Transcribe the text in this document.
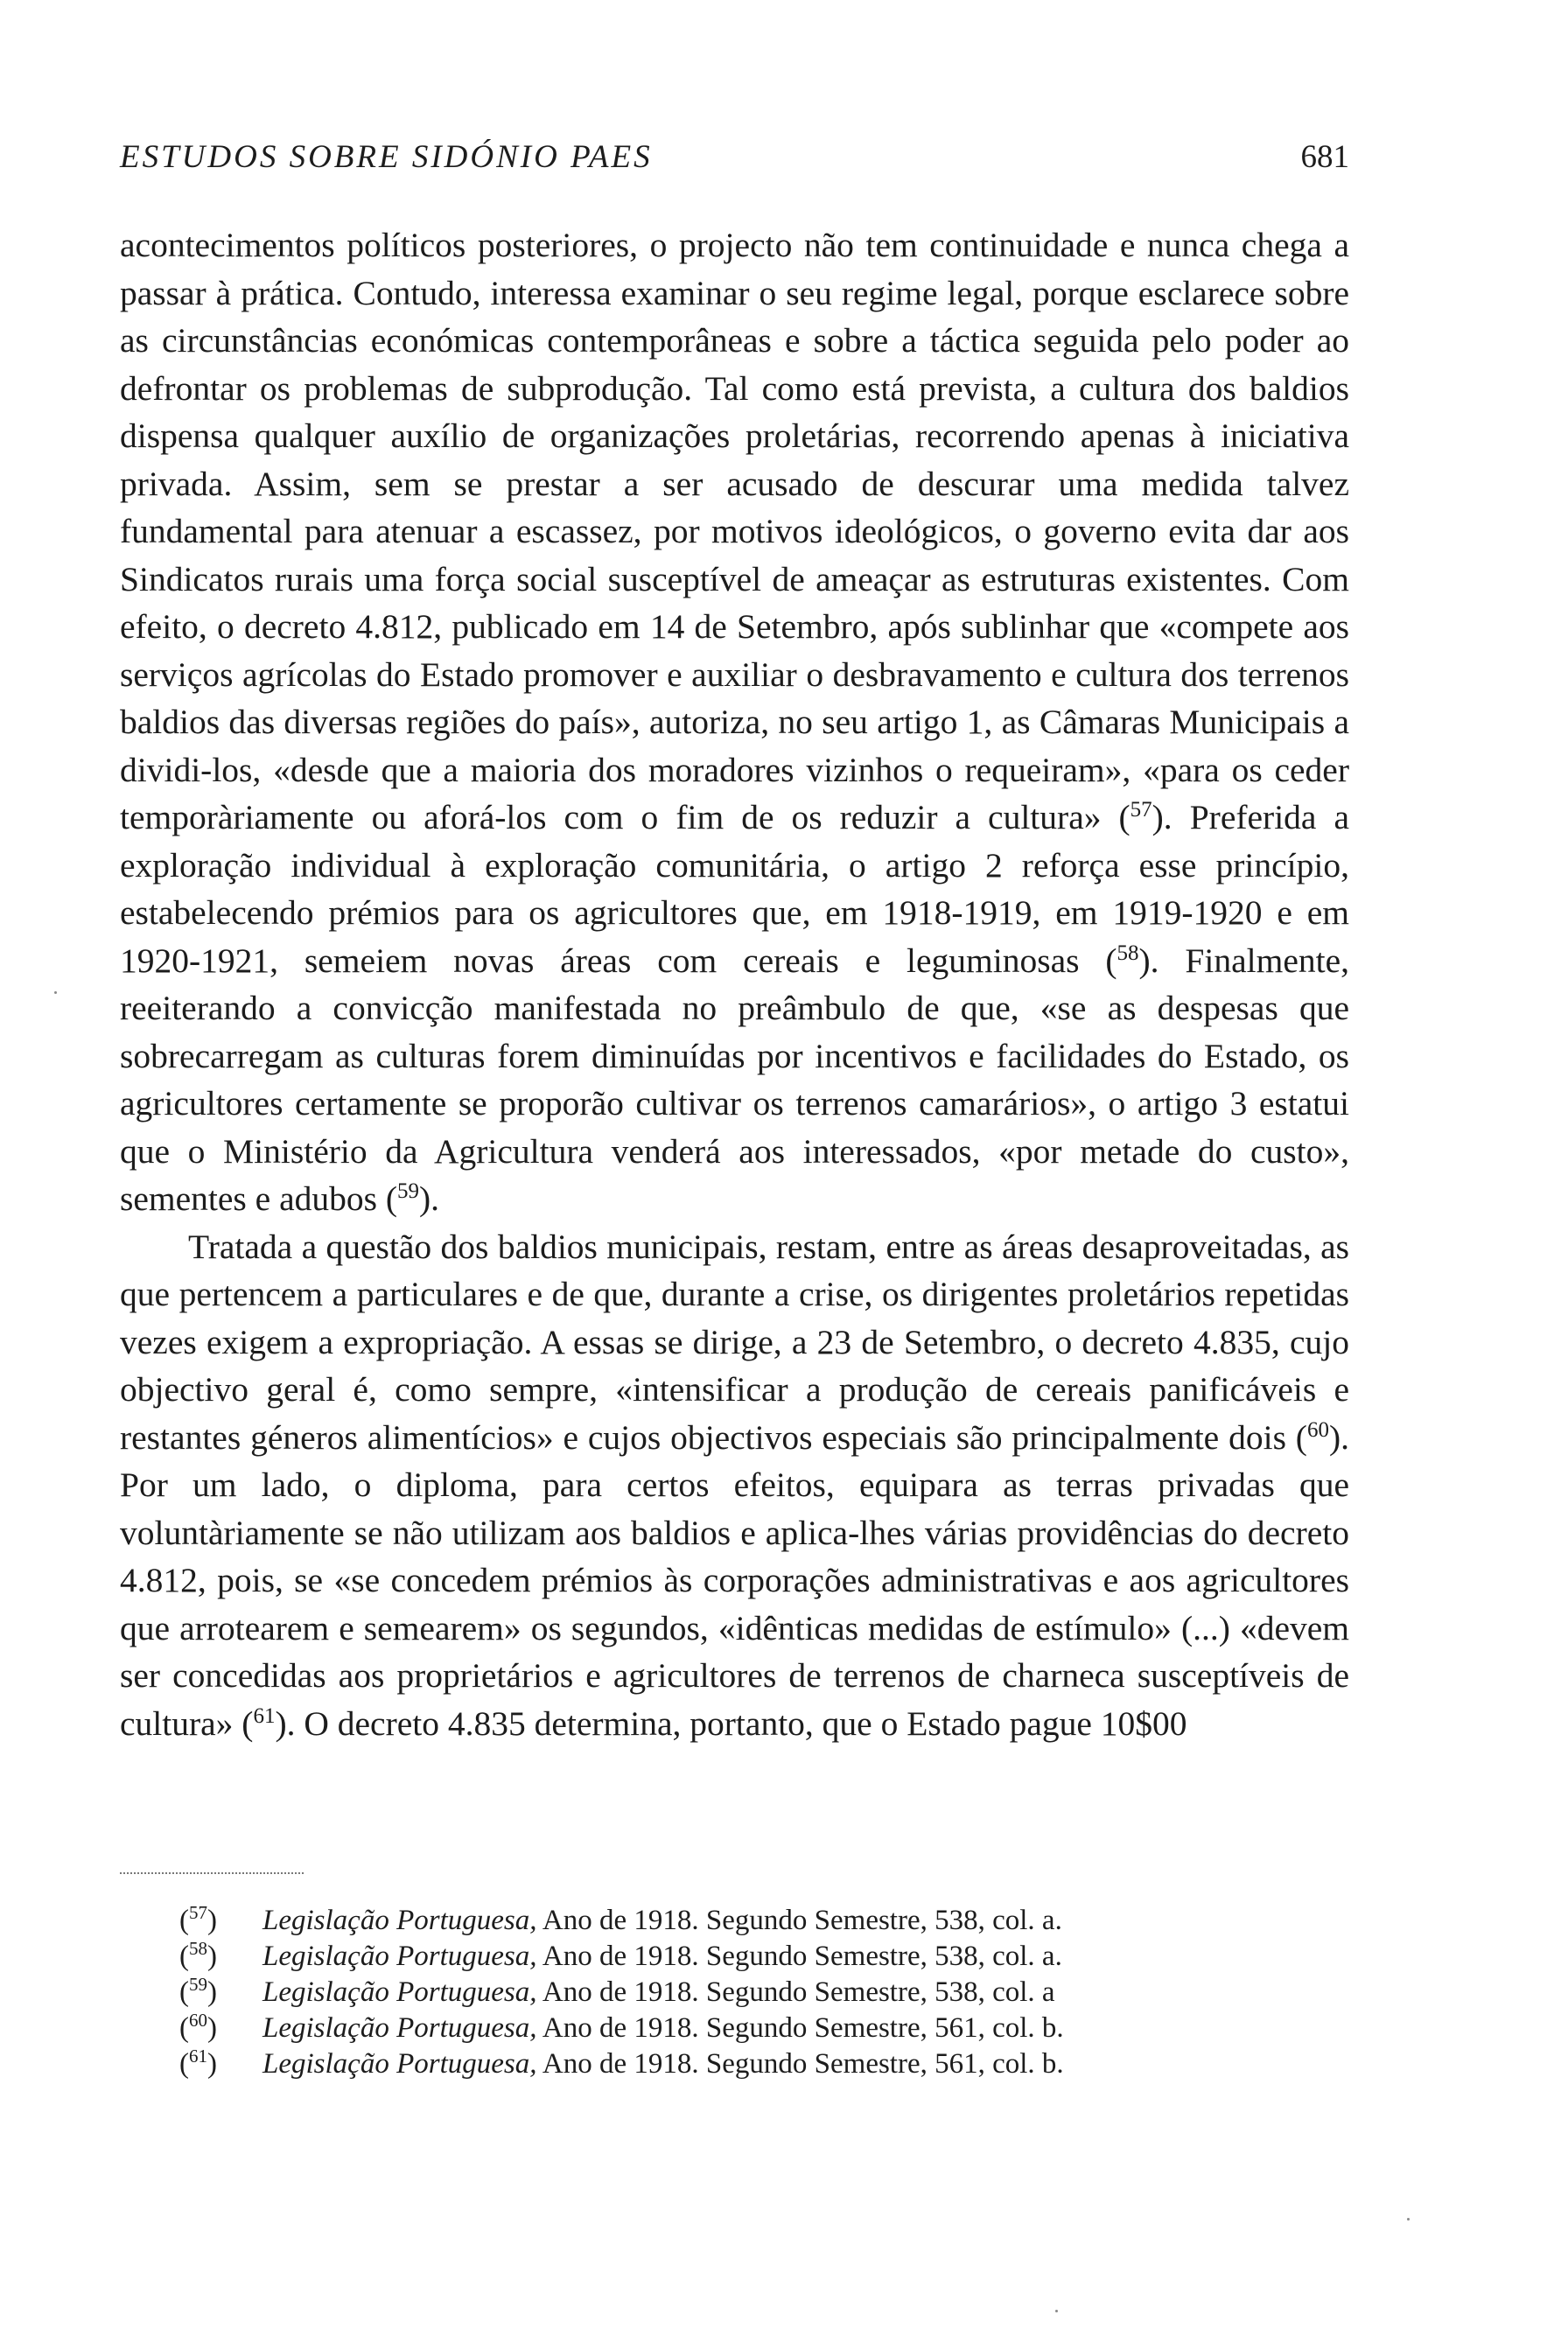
ESTUDOS SOBRE SIDÓNIO PAES	681

acontecimentos políticos posteriores, o projecto não tem continuidade e nunca chega a passar à prática. Contudo, interessa examinar o seu regime legal, porque esclarece sobre as circunstâncias económicas contemporâneas e sobre a táctica seguida pelo poder ao defrontar os problemas de subprodução. Tal como está prevista, a cultura dos baldios dispensa qualquer auxílio de organizações proletárias, recorrendo apenas à iniciativa privada. Assim, sem se prestar a ser acusado de descurar uma medida talvez fundamental para atenuar a escassez, por motivos ideológicos, o governo evita dar aos Sindicatos rurais uma força social susceptível de ameaçar as estruturas existentes. Com efeito, o decreto 4.812, publicado em 14 de Setembro, após sublinhar que «compete aos serviços agrícolas do Estado promover e auxiliar o desbravamento e cultura dos terrenos baldios das diversas regiões do país», autoriza, no seu artigo 1, as Câmaras Municipais a dividi-los, «desde que a maioria dos moradores vizinhos o requeiram», «para os ceder temporàriamente ou aforá-los com o fim de os reduzir a cultura» ($^{57}$). Preferida a exploração individual à exploração comunitária, o artigo 2 reforça esse princípio, estabelecendo prémios para os agricultores que, em 1918-1919, em 1919-1920 e em 1920-1921, semeiem novas áreas com cereais e leguminosas ($^{58}$). Finalmente, reeiterando a convicção manifestada no preâmbulo de que, «se as despesas que sobrecarregam as culturas forem diminuídas por incentivos e facilidades do Estado, os agricultores certamente se proporão cultivar os terrenos camarários», o artigo 3 estatui que o Ministério da Agricultura venderá aos interessados, «por metade do custo», sementes e adubos ($^{59}$).

Tratada a questão dos baldios municipais, restam, entre as áreas desaproveitadas, as que pertencem a particulares e de que, durante a crise, os dirigentes proletários repetidas vezes exigem a expropriação. A essas se dirige, a 23 de Setembro, o decreto 4.835, cujo objectivo geral é, como sempre, «intensificar a produção de cereais panificáveis e restantes géneros alimentícios» e cujos objectivos especiais são principalmente dois ($^{60}$). Por um lado, o diploma, para certos efeitos, equipara as terras privadas que voluntàriamente se não utilizam aos baldios e aplica-lhes várias providências do decreto 4.812, pois, se «se concedem prémios às corporações administrativas e aos agricultores que arrotearem e semearem» os segundos, «idênticas medidas de estímulo» (...) «devem ser concedidas aos proprietários e agricultores de terrenos de charneca susceptíveis de cultura» ($^{61}$). O decreto 4.835 determina, portanto, que o Estado pague 10$00

($^{57}$) Legislação Portuguesa, Ano de 1918. Segundo Semestre, 538, col. a.
($^{58}$) Legislação Portuguesa, Ano de 1918. Segundo Semestre, 538, col. a.
($^{59}$) Legislação Portuguesa, Ano de 1918. Segundo Semestre, 538, col. a
($^{60}$) Legislação Portuguesa, Ano de 1918. Segundo Semestre, 561, col. b.
($^{61}$) Legislação Portuguesa, Ano de 1918. Segundo Semestre, 561, col. b.
